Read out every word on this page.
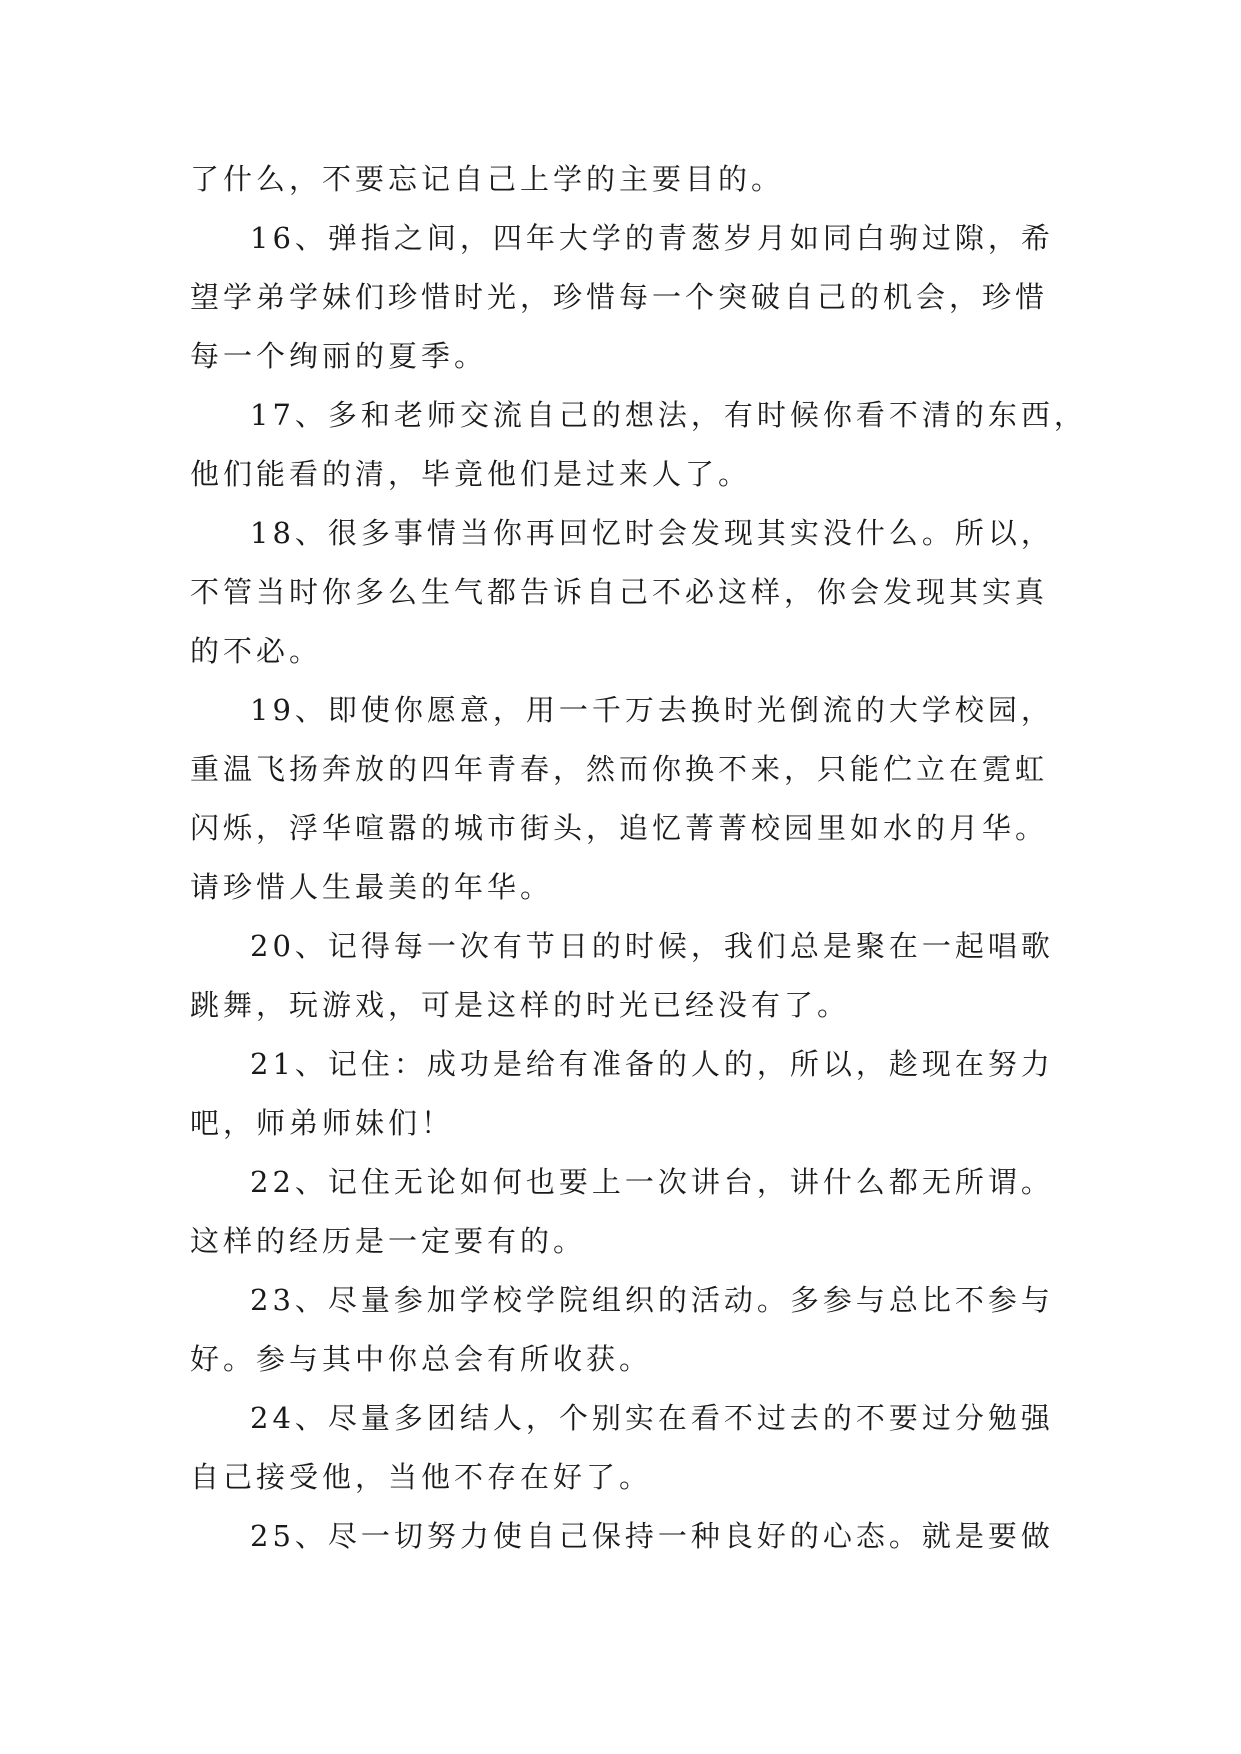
了什么，不要忘记自己上学的主要目的。
16、弹指之间，四年大学的青葱岁月如同白驹过隙，希
望学弟学妹们珍惜时光，珍惜每一个突破自己的机会，珍惜
每一个绚丽的夏季。
17、多和老师交流自己的想法，有时候你看不清的东西，
他们能看的清，毕竟他们是过来人了。
18、很多事情当你再回忆时会发现其实没什么。所以，
不管当时你多么生气都告诉自己不必这样，你会发现其实真
的不必。
19、即使你愿意，用一千万去换时光倒流的大学校园，
重温飞扬奔放的四年青春，然而你换不来，只能伫立在霓虹
闪烁，浮华喧嚣的城市街头，追忆菁菁校园里如水的月华。
请珍惜人生最美的年华。
20、记得每一次有节日的时候，我们总是聚在一起唱歌
跳舞，玩游戏，可是这样的时光已经没有了。
21、记住：成功是给有准备的人的，所以，趁现在努力
吧，师弟师妹们！
22、记住无论如何也要上一次讲台，讲什么都无所谓。
这样的经历是一定要有的。
23、尽量参加学校学院组织的活动。多参与总比不参与
好。参与其中你总会有所收获。
24、尽量多团结人，个别实在看不过去的不要过分勉强
自己接受他，当他不存在好了。
25、尽一切努力使自己保持一种良好的心态。就是要做
